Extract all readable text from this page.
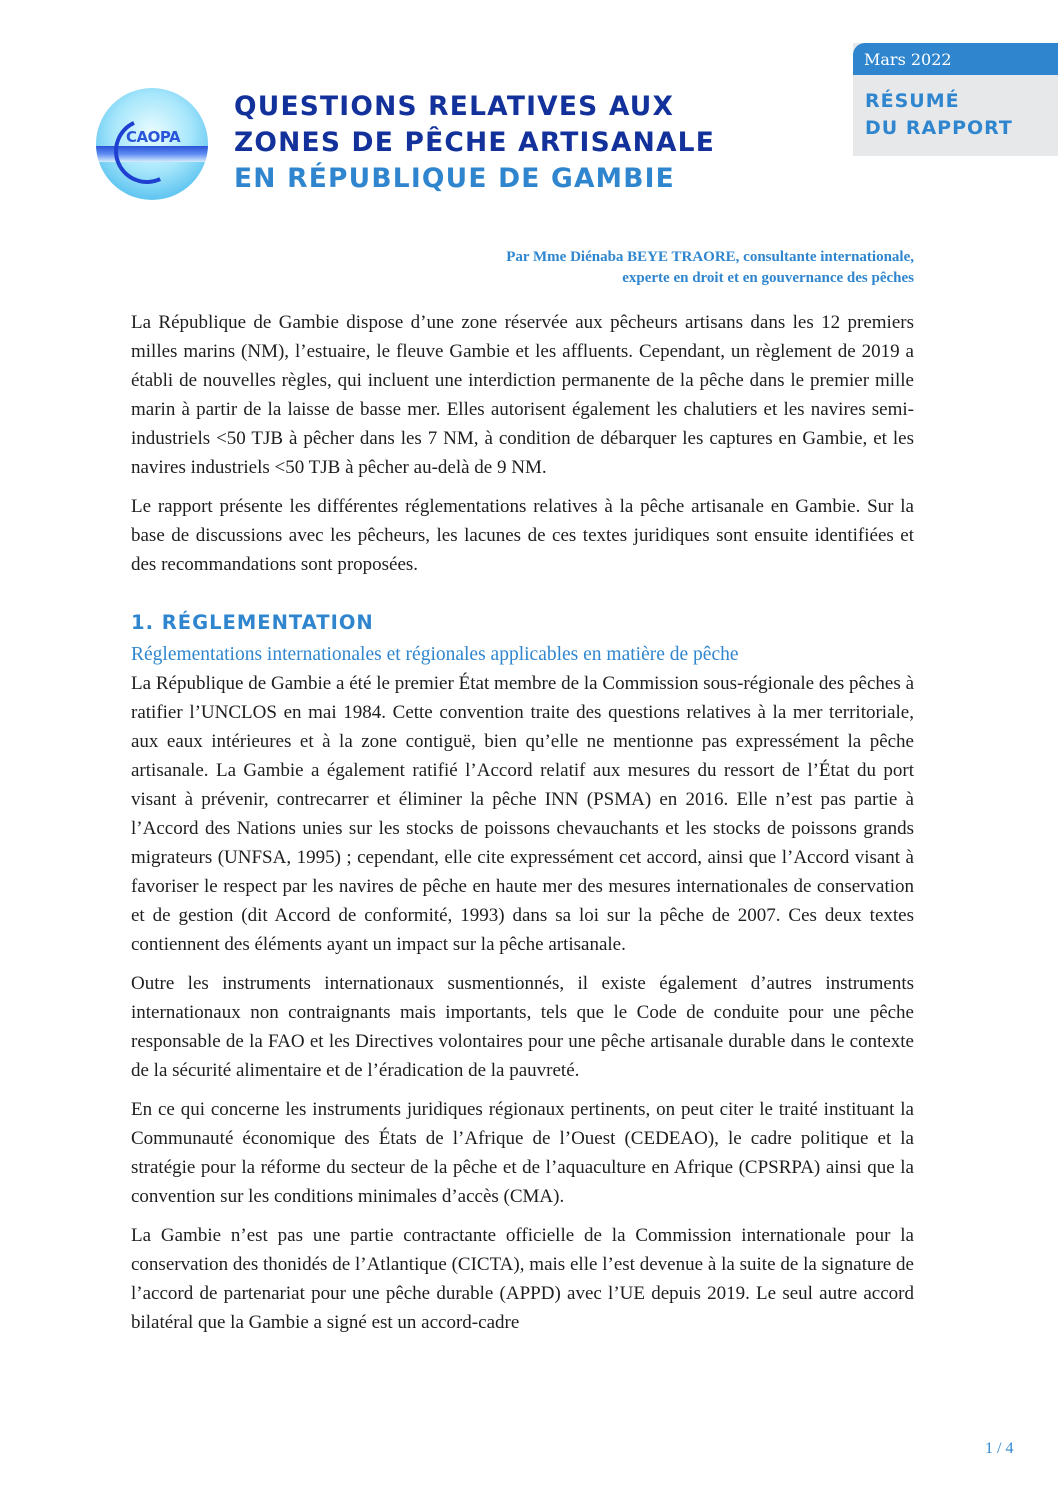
CAOPA
QUESTIONS RELATIVES AUX
ZONES DE PÊCHE ARTISANALE
EN RÉPUBLIQUE DE GAMBIE
Mars 2022
RÉSUMÉ
DU RAPPORT
Par Mme Diénaba BEYE TRAORE, consultante internationale,
experte en droit et en gouvernance des pêches

La République de Gambie dispose d’une zone réservée aux pêcheurs artisans dans les 12 premiers milles marins (NM), l’estuaire, le fleuve Gambie et les affluents. Cependant, un règlement de 2019 a établi de nouvelles règles, qui incluent une interdiction permanente de la pêche dans le premier mille marin à partir de la laisse de basse mer. Elles autorisent également les chalutiers et les navires semi-industriels <50 TJB à pêcher dans les 7 NM, à condition de débarquer les captures en Gambie, et les navires industriels <50 TJB à pêcher au-delà de 9 NM.

Le rapport présente les différentes réglementations relatives à la pêche artisanale en Gambie. Sur la base de discussions avec les pêcheurs, les lacunes de ces textes juridiques sont ensuite identifiées et des recommandations sont proposées.

1. RÉGLEMENTATION
Réglementations internationales et régionales applicables en matière de pêche

La République de Gambie a été le premier État membre de la Commission sous-régionale des pêches à ratifier l’UNCLOS en mai 1984. Cette convention traite des questions relatives à la mer territoriale, aux eaux intérieures et à la zone contiguë, bien qu’elle ne mentionne pas expressément la pêche artisanale. La Gambie a également ratifié l’Accord relatif aux mesures du ressort de l’État du port visant à prévenir, contrecarrer et éliminer la pêche INN (PSMA) en 2016. Elle n’est pas partie à l’Accord des Nations unies sur les stocks de poissons chevauchants et les stocks de poissons grands migrateurs (UNFSA, 1995) ; cependant, elle cite expressément cet accord, ainsi que l’Accord visant à favoriser le respect par les navires de pêche en haute mer des mesures internationales de conservation et de gestion (dit Accord de conformité, 1993) dans sa loi sur la pêche de 2007. Ces deux textes contiennent des éléments ayant un impact sur la pêche artisanale.

Outre les instruments internationaux susmentionnés, il existe également d’autres instruments internationaux non contraignants mais importants, tels que le Code de conduite pour une pêche responsable de la FAO et les Directives volontaires pour une pêche artisanale durable dans le contexte de la sécurité alimentaire et de l’éradication de la pauvreté.

En ce qui concerne les instruments juridiques régionaux pertinents, on peut citer le traité instituant la Communauté économique des États de l’Afrique de l’Ouest (CEDEAO), le cadre politique et la stratégie pour la réforme du secteur de la pêche et de l’aquaculture en Afrique (CPSRPA) ainsi que la convention sur les conditions minimales d’accès (CMA).

La Gambie n’est pas une partie contractante officielle de la Commission internationale pour la conservation des thonidés de l’Atlantique (CICTA), mais elle l’est devenue à la suite de la signature de l’accord de partenariat pour une pêche durable (APPD) avec l’UE depuis 2019. Le seul autre accord bilatéral que la Gambie a signé est un accord-cadre

1 / 4
